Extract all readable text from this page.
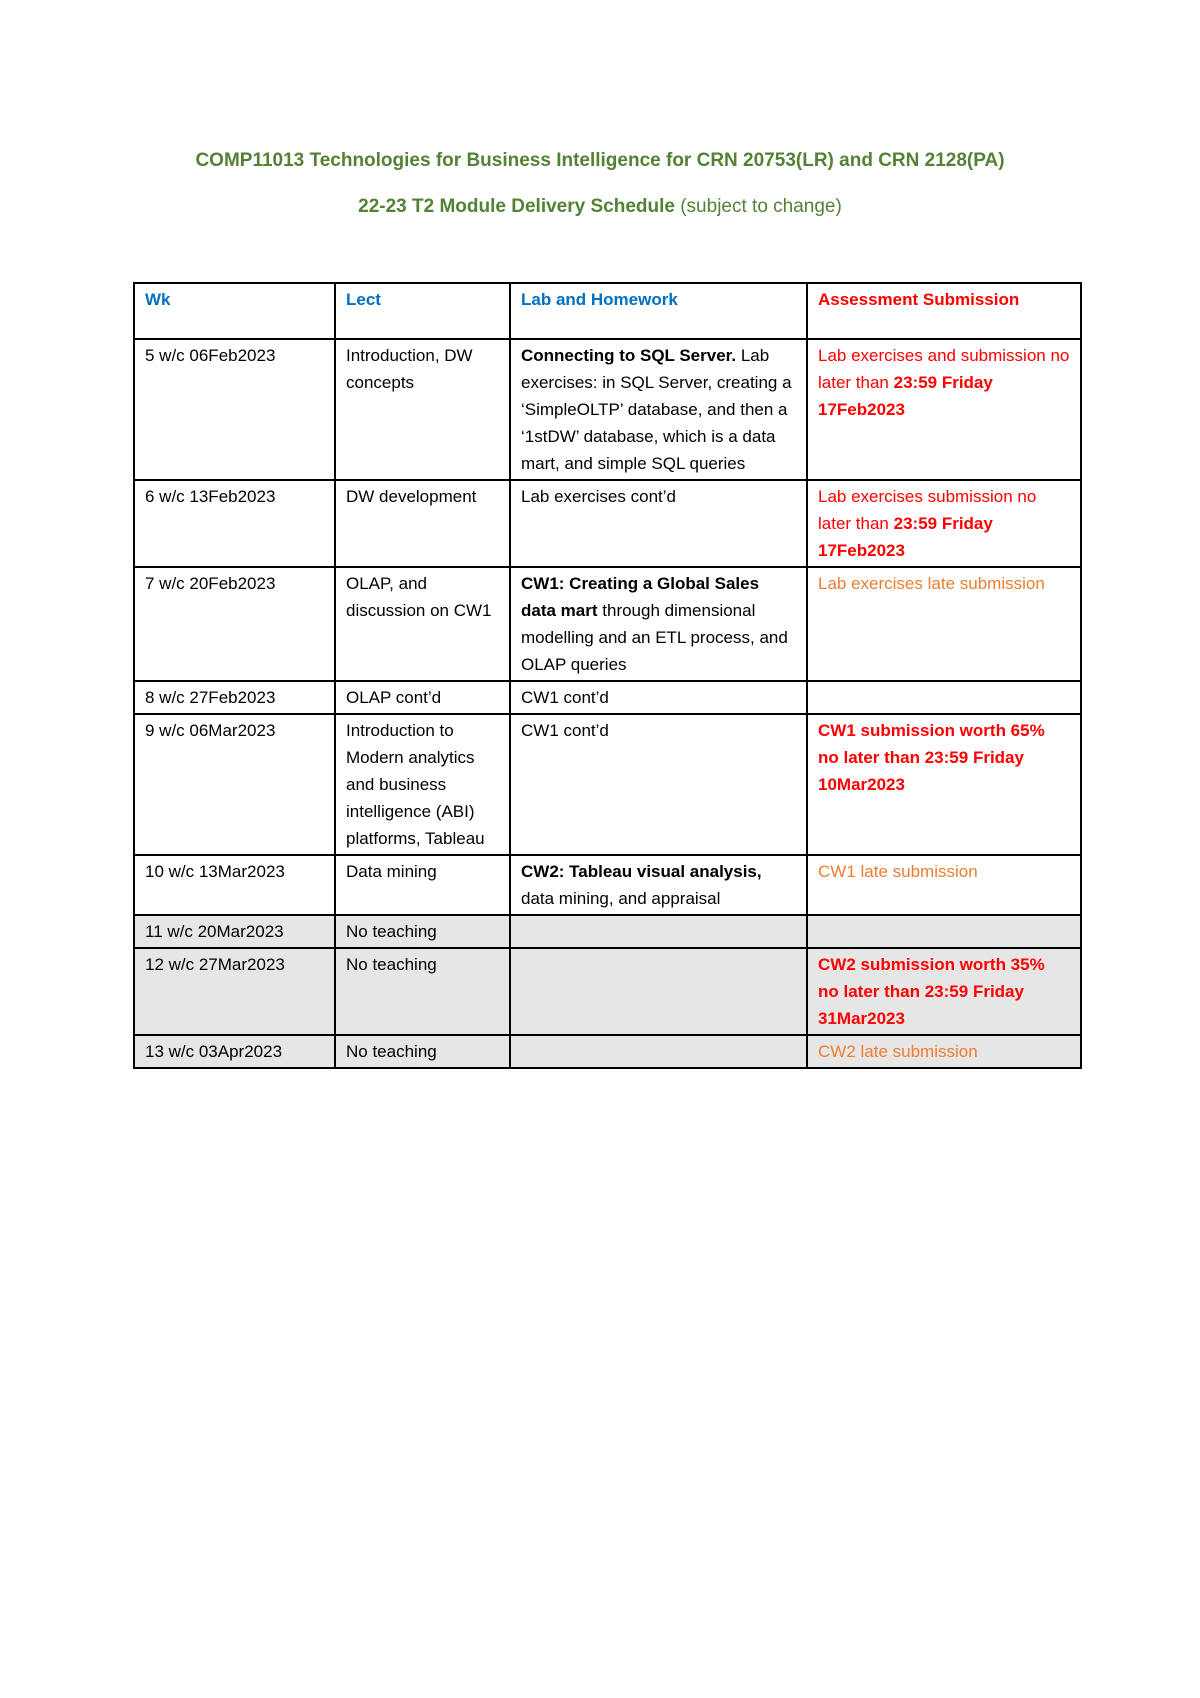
COMP11013 Technologies for Business Intelligence for CRN 20753(LR) and CRN 2128(PA)

22-23 T2 Module Delivery Schedule (subject to change)

Wk	Lect	Lab and Homework	Assessment Submission
5 w/c 06Feb2023	Introduction, DW concepts	Connecting to SQL Server. Lab exercises: in SQL Server, creating a ‘SimpleOLTP’ database, and then a ‘1stDW’ database, which is a data mart, and simple SQL queries	Lab exercises and submission no later than 23:59 Friday 17Feb2023
6 w/c 13Feb2023	DW development	Lab exercises cont’d	Lab exercises submission no later than 23:59 Friday 17Feb2023
7 w/c 20Feb2023	OLAP, and discussion on CW1	CW1: Creating a Global Sales data mart through dimensional modelling and an ETL process, and OLAP queries	Lab exercises late submission
8 w/c 27Feb2023	OLAP cont’d	CW1 cont’d	
9 w/c 06Mar2023	Introduction to Modern analytics and business intelligence (ABI) platforms, Tableau	CW1 cont’d	CW1 submission worth 65% no later than 23:59 Friday 10Mar2023
10 w/c 13Mar2023	Data mining	CW2: Tableau visual analysis, data mining, and appraisal	CW1 late submission
11 w/c 20Mar2023	No teaching		
12 w/c 27Mar2023	No teaching		CW2 submission worth 35% no later than 23:59 Friday 31Mar2023
13 w/c 03Apr2023	No teaching		CW2 late submission
